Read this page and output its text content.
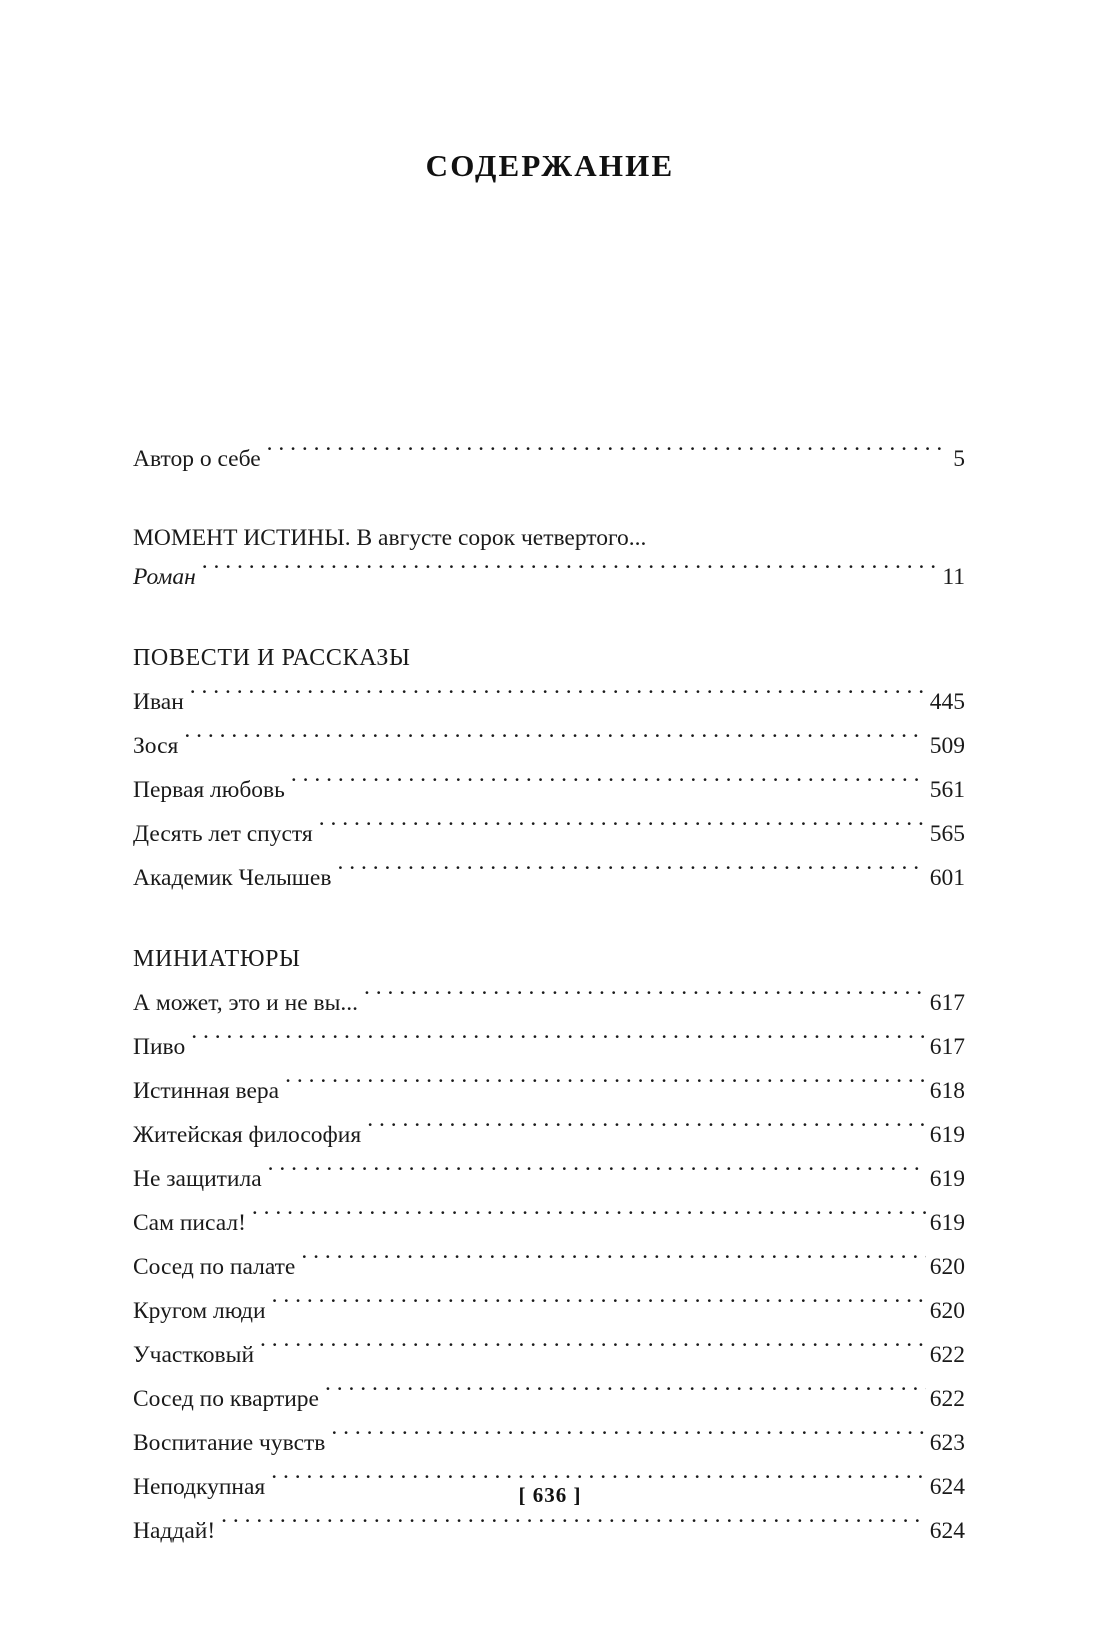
СОДЕРЖАНИЕ
Автор о себе . . .	5
МОМЕНТ ИСТИНЫ. В августе сорок четвертого...
Роман . . .	11
ПОВЕСТИ И РАССКАЗЫ
Иван . . .	445
Зося . . .	509
Первая любовь . . .	561
Десять лет спустя . . .	565
Академик Челышев . . .	601
МИНИАТЮРЫ
А может, это и не вы... . . .	617
Пиво . . .	617
Истинная вера . . .	618
Житейская философия . . .	619
Не защитила . . .	619
Сам писал! . . .	619
Сосед по палате . . .	620
Кругом люди . . .	620
Участковый . . .	622
Сосед по квартире . . .	622
Воспитание чувств . . .	623
Неподкупная . . .	624
Наддай! . . .	624
[ 636 ]
